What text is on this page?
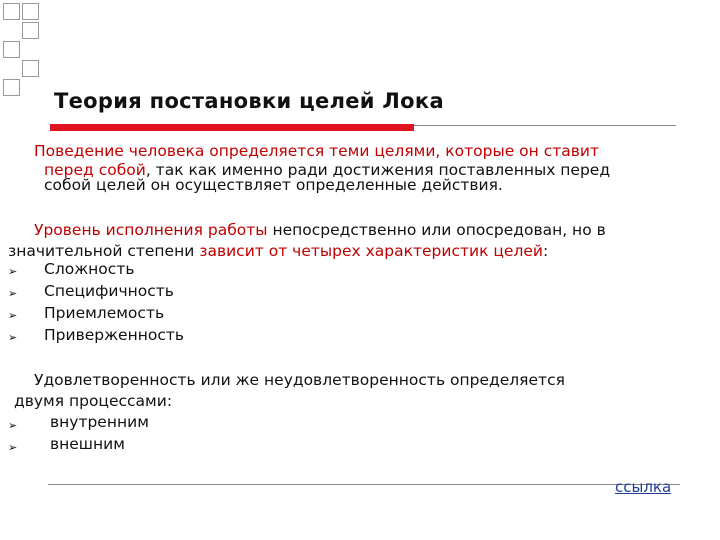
Теория постановки целей Лока
Поведение человека определяется теми целями, которые он ставит
перед собой, так как именно ради достижения поставленных перед
собой целей он осуществляет определенные действия.
Уровень исполнения работы непосредственно или опосредован, но в
значительной степени зависит от четырех характеристик целей:
➢ Сложность
➢ Специфичность
➢ Приемлемость
➢ Приверженность
Удовлетворенность или же неудовлетворенность определяется
двумя процессами:
➢ внутренним
➢ внешним
ссылка
